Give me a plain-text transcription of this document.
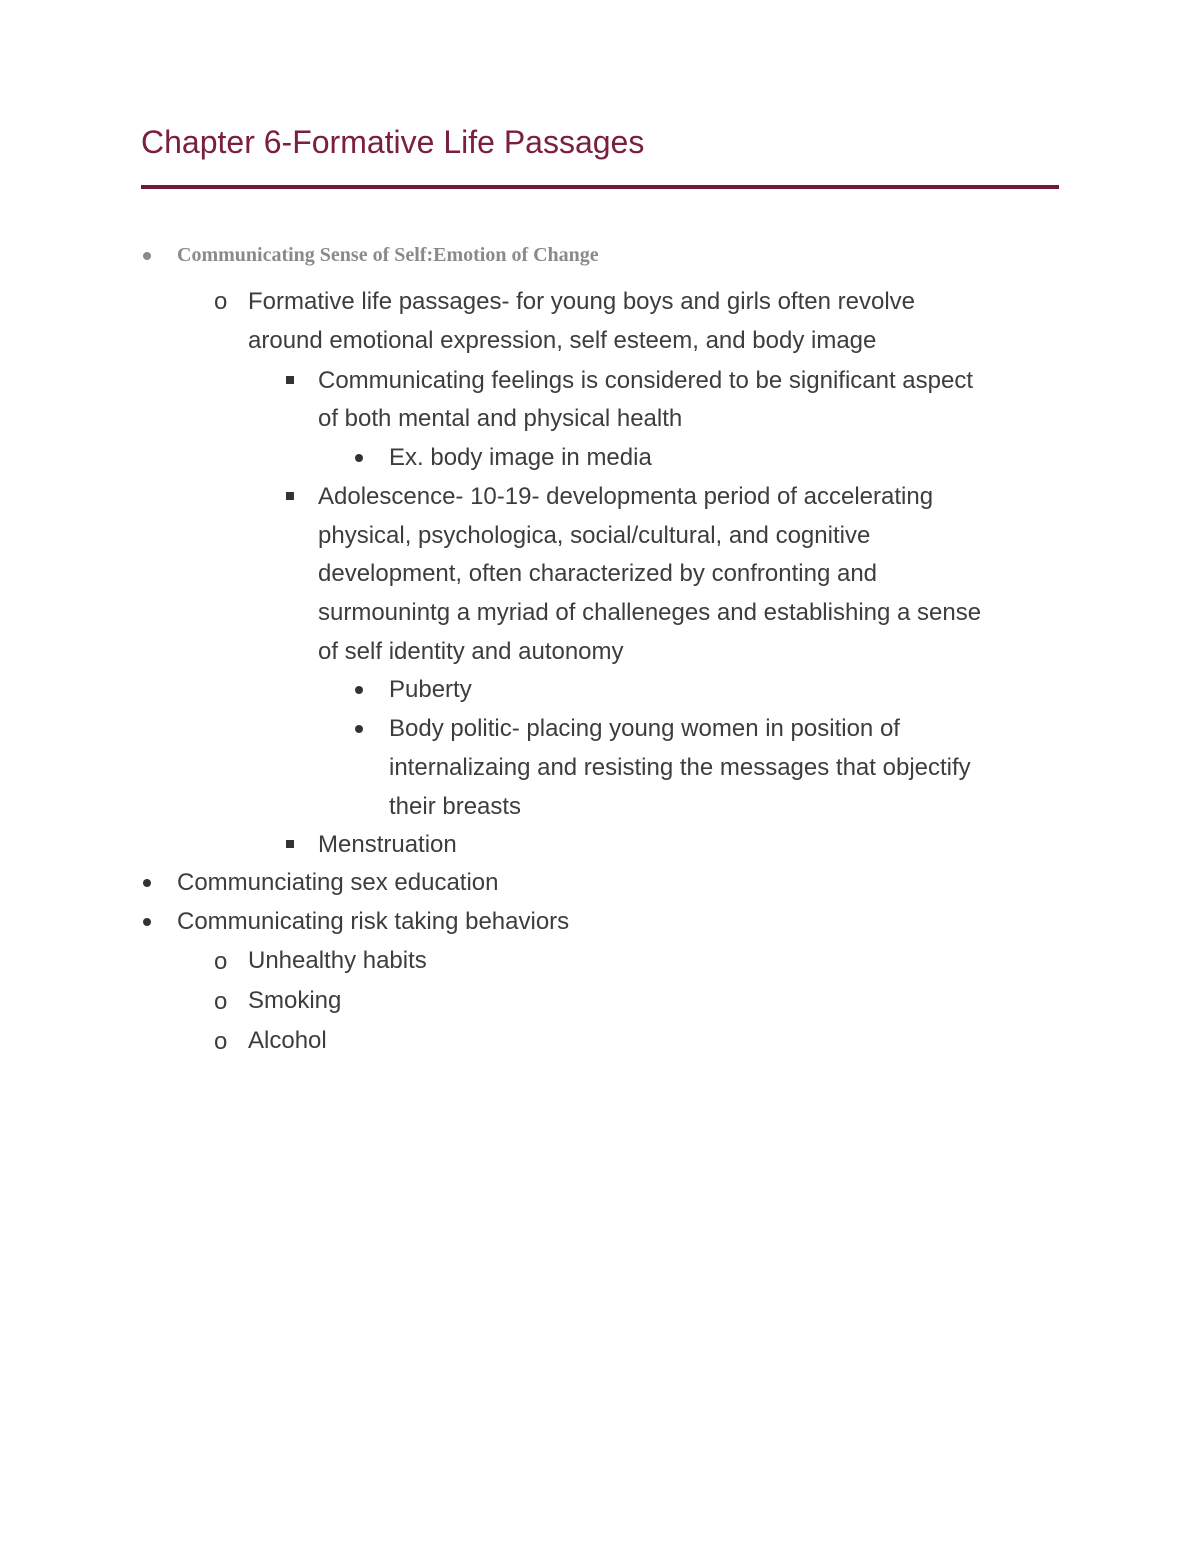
Chapter 6-Formative Life Passages
Communicating Sense of Self:Emotion of Change
o Formative life passages- for young boys and girls often revolve
around emotional expression, self esteem, and body image
Communicating feelings is considered to be significant aspect
of both mental and physical health
Ex. body image in media
Adolescence- 10-19- developmenta period of accelerating
physical, psychologica, social/cultural, and cognitive
development, often characterized by confronting and
surmounintg a myriad of challeneges and establishing a sense
of self identity and autonomy
Puberty
Body politic- placing young women in position of
internalizaing and resisting the messages that objectify
their breasts
Menstruation
Communciating sex education
Communicating risk taking behaviors
o Unhealthy habits
o Smoking
o Alcohol
